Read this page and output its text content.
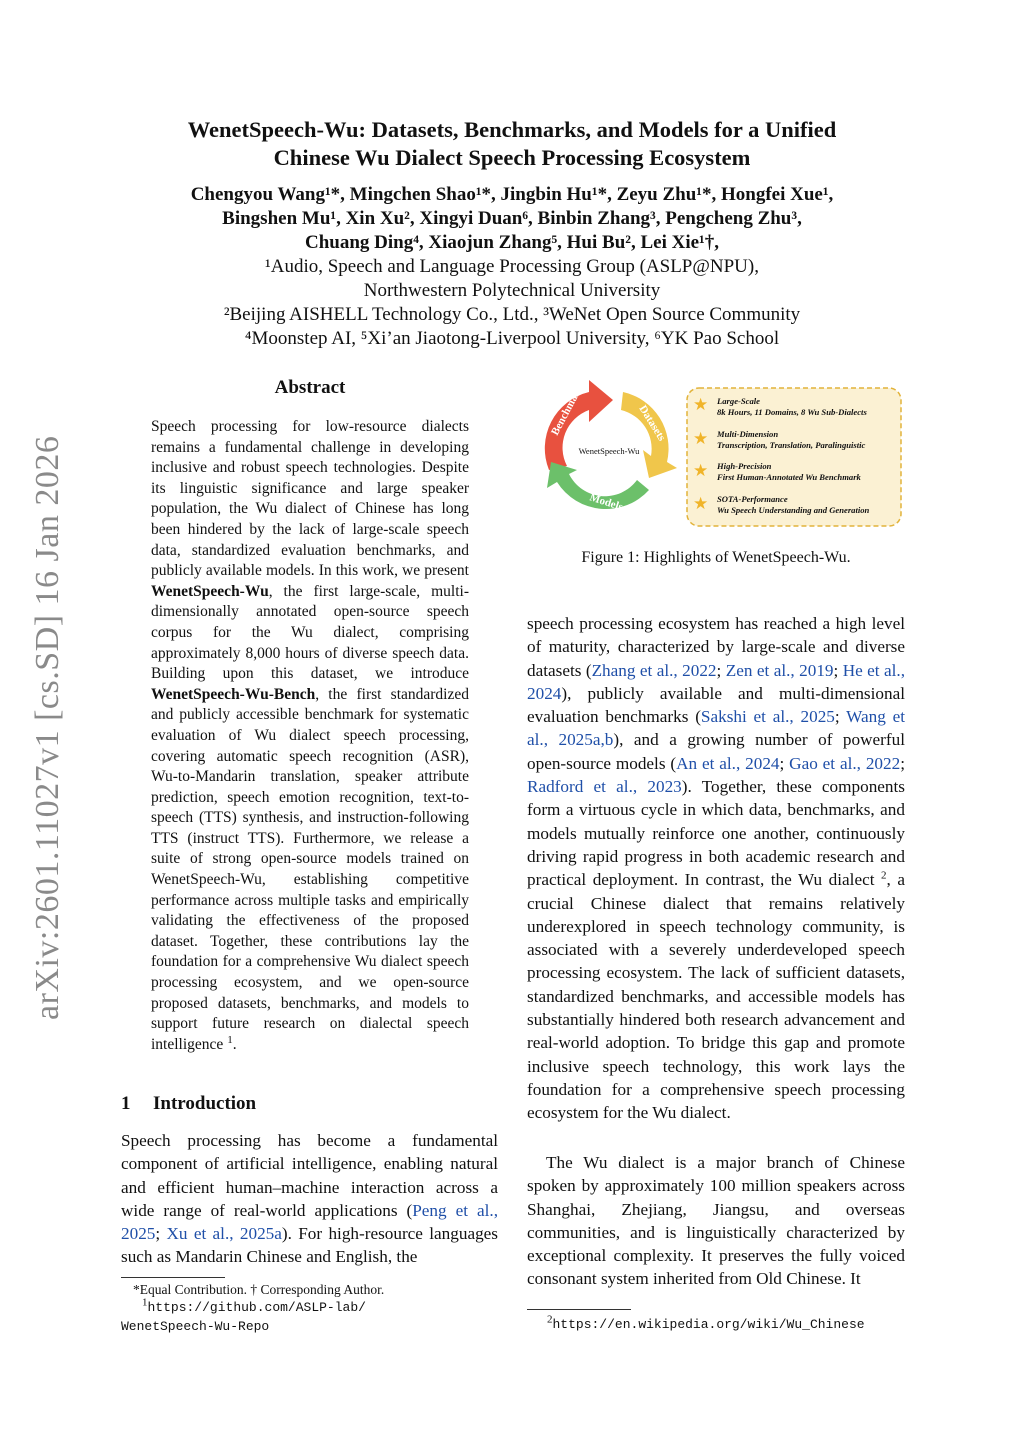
WenetSpeech-Wu: Datasets, Benchmarks, and Models for a Unified
Chinese Wu Dialect Speech Processing Ecosystem
Chengyou Wang¹*, Mingchen Shao¹*, Jingbin Hu¹*, Zeyu Zhu¹*, Hongfei Xue¹,
Bingshen Mu¹, Xin Xu², Xingyi Duan⁶, Binbin Zhang³, Pengcheng Zhu³,
Chuang Ding⁴, Xiaojun Zhang⁵, Hui Bu², Lei Xie¹†,
¹Audio, Speech and Language Processing Group (ASLP@NPU),
Northwestern Polytechnical University
²Beijing AISHELL Technology Co., Ltd., ³WeNet Open Source Community
⁴Moonstep AI, ⁵Xi’an Jiaotong-Liverpool University, ⁶YK Pao School
arXiv:2601.11027v1 [cs.SD] 16 Jan 2026
Abstract
Speech processing for low-resource dialects remains a fundamental challenge in developing inclusive and robust speech technologies. Despite its linguistic significance and large speaker population, the Wu dialect of Chinese has long been hindered by the lack of large-scale speech data, standardized evaluation benchmarks, and publicly available models. In this work, we present WenetSpeech-Wu, the first large-scale, multi-dimensionally annotated open-source speech corpus for the Wu dialect, comprising approximately 8,000 hours of diverse speech data. Building upon this dataset, we introduce WenetSpeech-Wu-Bench, the first standardized and publicly accessible benchmark for systematic evaluation of Wu dialect speech processing, covering automatic speech recognition (ASR), Wu-to-Mandarin translation, speaker attribute prediction, speech emotion recognition, text-to-speech (TTS) synthesis, and instruction-following TTS (instruct TTS). Furthermore, we release a suite of strong open-source models trained on WenetSpeech-Wu, establishing competitive performance across multiple tasks and empirically validating the effectiveness of the proposed dataset. Together, these contributions lay the foundation for a comprehensive Wu dialect speech processing ecosystem, and we open-source proposed datasets, benchmarks, and models to support future research on dialectal speech intelligence $^1$.
1 Introduction
Speech processing has become a fundamental component of artificial intelligence, enabling natural and efficient human–machine interaction across a wide range of real-world applications (Peng et al., 2025; Xu et al., 2025a). For high-resource languages such as Mandarin Chinese and English, the
*Equal Contribution. † Corresponding Author.
$^1$https://github.com/ASLP-lab/
WenetSpeech-Wu-Repo
Benchmarks	Datasets
Models
WenetSpeech-Wu
★ Large-Scale
8k Hours, 11 Domains, 8 Wu Sub-Dialects
★ Multi-Dimension
Transcription, Translation, Paralinguistic
★ High-Precision
First Human-Annotated Wu Benchmark
★ SOTA-Performance
Wu Speech Understanding and Generation
Figure 1: Highlights of WenetSpeech-Wu.
speech processing ecosystem has reached a high level of maturity, characterized by large-scale and diverse datasets (Zhang et al., 2022; Zen et al., 2019; He et al., 2024), publicly available and multi-dimensional evaluation benchmarks (Sakshi et al., 2025; Wang et al., 2025a,b), and a growing number of powerful open-source models (An et al., 2024; Gao et al., 2022; Radford et al., 2023). Together, these components form a virtuous cycle in which data, benchmarks, and models mutually reinforce one another, continuously driving rapid progress in both academic research and practical deployment. In contrast, the Wu dialect $^2$, a crucial Chinese dialect that remains relatively underexplored in speech technology community, is associated with a severely underdeveloped speech processing ecosystem. The lack of sufficient datasets, standardized benchmarks, and accessible models has substantially hindered both research advancement and real-world adoption. To bridge this gap and promote inclusive speech technology, this work lays the foundation for a comprehensive speech processing ecosystem for the Wu dialect.
The Wu dialect is a major branch of Chinese spoken by approximately 100 million speakers across Shanghai, Zhejiang, Jiangsu, and overseas communities, and is linguistically characterized by exceptional complexity. It preserves the fully voiced consonant system inherited from Old Chinese. It
$^2$https://en.wikipedia.org/wiki/Wu_Chinese
